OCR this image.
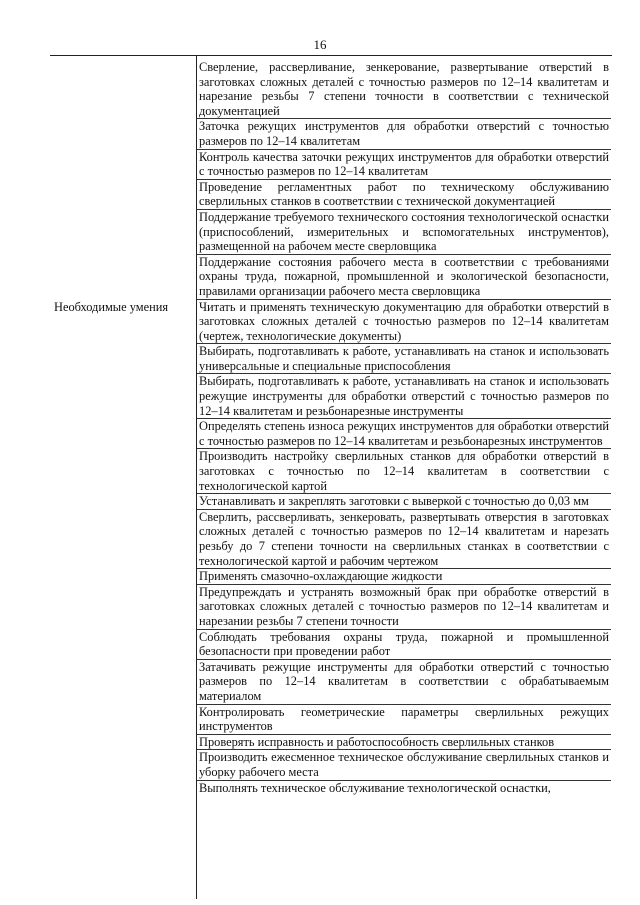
16
Необходимые умения
Сверление, рассверливание, зенкерование, развертывание отверстий в заготовках сложных деталей с точностью размеров по 12–14 квалитетам и нарезание резьбы 7 степени точности в соответствии с технической документацией
Заточка режущих инструментов для обработки отверстий с точностью размеров по 12–14 квалитетам
Контроль качества заточки режущих инструментов для обработки отверстий с точностью размеров по 12–14 квалитетам
Проведение регламентных работ по техническому обслуживанию сверлильных станков в соответствии с технической документацией
Поддержание требуемого технического состояния технологической оснастки (приспособлений, измерительных и вспомогательных инструментов), размещенной на рабочем месте сверловщика
Поддержание состояния рабочего места в соответствии с требованиями охраны труда, пожарной, промышленной и экологической безопасности, правилами организации рабочего места сверловщика
Читать и применять техническую документацию для обработки отверстий в заготовках сложных деталей с точностью размеров по 12–14 квалитетам (чертеж, технологические документы)
Выбирать, подготавливать к работе, устанавливать на станок и использовать универсальные и специальные приспособления
Выбирать, подготавливать к работе, устанавливать на станок и использовать режущие инструменты для обработки отверстий с точностью размеров по 12–14 квалитетам и резьбонарезные инструменты
Определять степень износа режущих инструментов для обработки отверстий с точностью размеров по 12–14 квалитетам и резьбонарезных инструментов
Производить настройку сверлильных станков для обработки отверстий в заготовках с точностью по 12–14 квалитетам в соответствии с технологической картой
Устанавливать и закреплять заготовки с выверкой с точностью до 0,03 мм
Сверлить, рассверливать, зенкеровать, развертывать отверстия в заготовках сложных деталей с точностью размеров по 12–14 квалитетам и нарезать резьбу до 7 степени точности на сверлильных станках в соответствии с технологической картой и рабочим чертежом
Применять смазочно-охлаждающие жидкости
Предупреждать и устранять возможный брак при обработке отверстий в заготовках сложных деталей с точностью размеров по 12–14 квалитетам и нарезании резьбы 7 степени точности
Соблюдать требования охраны труда, пожарной и промышленной безопасности при проведении работ
Затачивать режущие инструменты для обработки отверстий с точностью размеров по 12–14 квалитетам в соответствии с обрабатываемым материалом
Контролировать геометрические параметры сверлильных режущих инструментов
Проверять исправность и работоспособность сверлильных станков
Производить ежесменное техническое обслуживание сверлильных станков и уборку рабочего места
Выполнять техническое обслуживание технологической оснастки,
